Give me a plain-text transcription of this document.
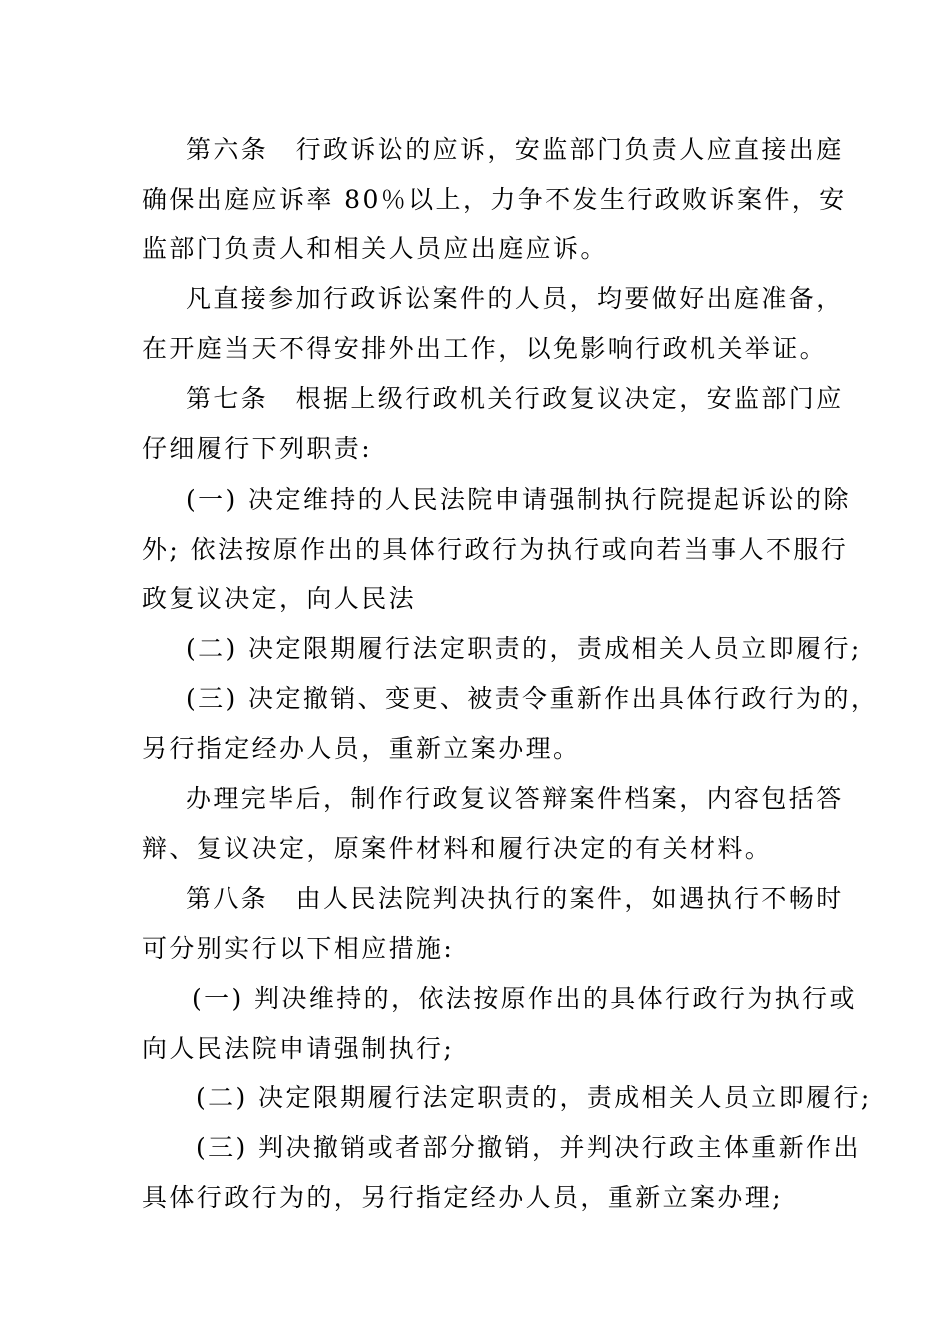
第六条　行政诉讼的应诉，安监部门负责人应直接出庭
确保出庭应诉率 80％以上，力争不发生行政败诉案件，安
监部门负责人和相关人员应出庭应诉。
凡直接参加行政诉讼案件的人员，均要做好出庭准备，
在开庭当天不得安排外出工作，以免影响行政机关举证。
第七条　根据上级行政机关行政复议决定，安监部门应
仔细履行下列职责:
(一) 决定维持的人民法院申请强制执行院提起诉讼的除
外; 依法按原作出的具体行政行为执行或向若当事人不服行
政复议决定，向人民法
(二) 决定限期履行法定职责的，责成相关人员立即履行;
(三) 决定撤销、变更、被责令重新作出具体行政行为的，
另行指定经办人员，重新立案办理。
办理完毕后，制作行政复议答辩案件档案，内容包括答
辩、复议决定，原案件材料和履行决定的有关材料。
第八条　由人民法院判决执行的案件，如遇执行不畅时
可分别实行以下相应措施:
(一) 判决维持的，依法按原作出的具体行政行为执行或
向人民法院申请强制执行;
(二) 决定限期履行法定职责的，责成相关人员立即履行;
(三) 判决撤销或者部分撤销，并判决行政主体重新作出
具体行政行为的，另行指定经办人员，重新立案办理;
